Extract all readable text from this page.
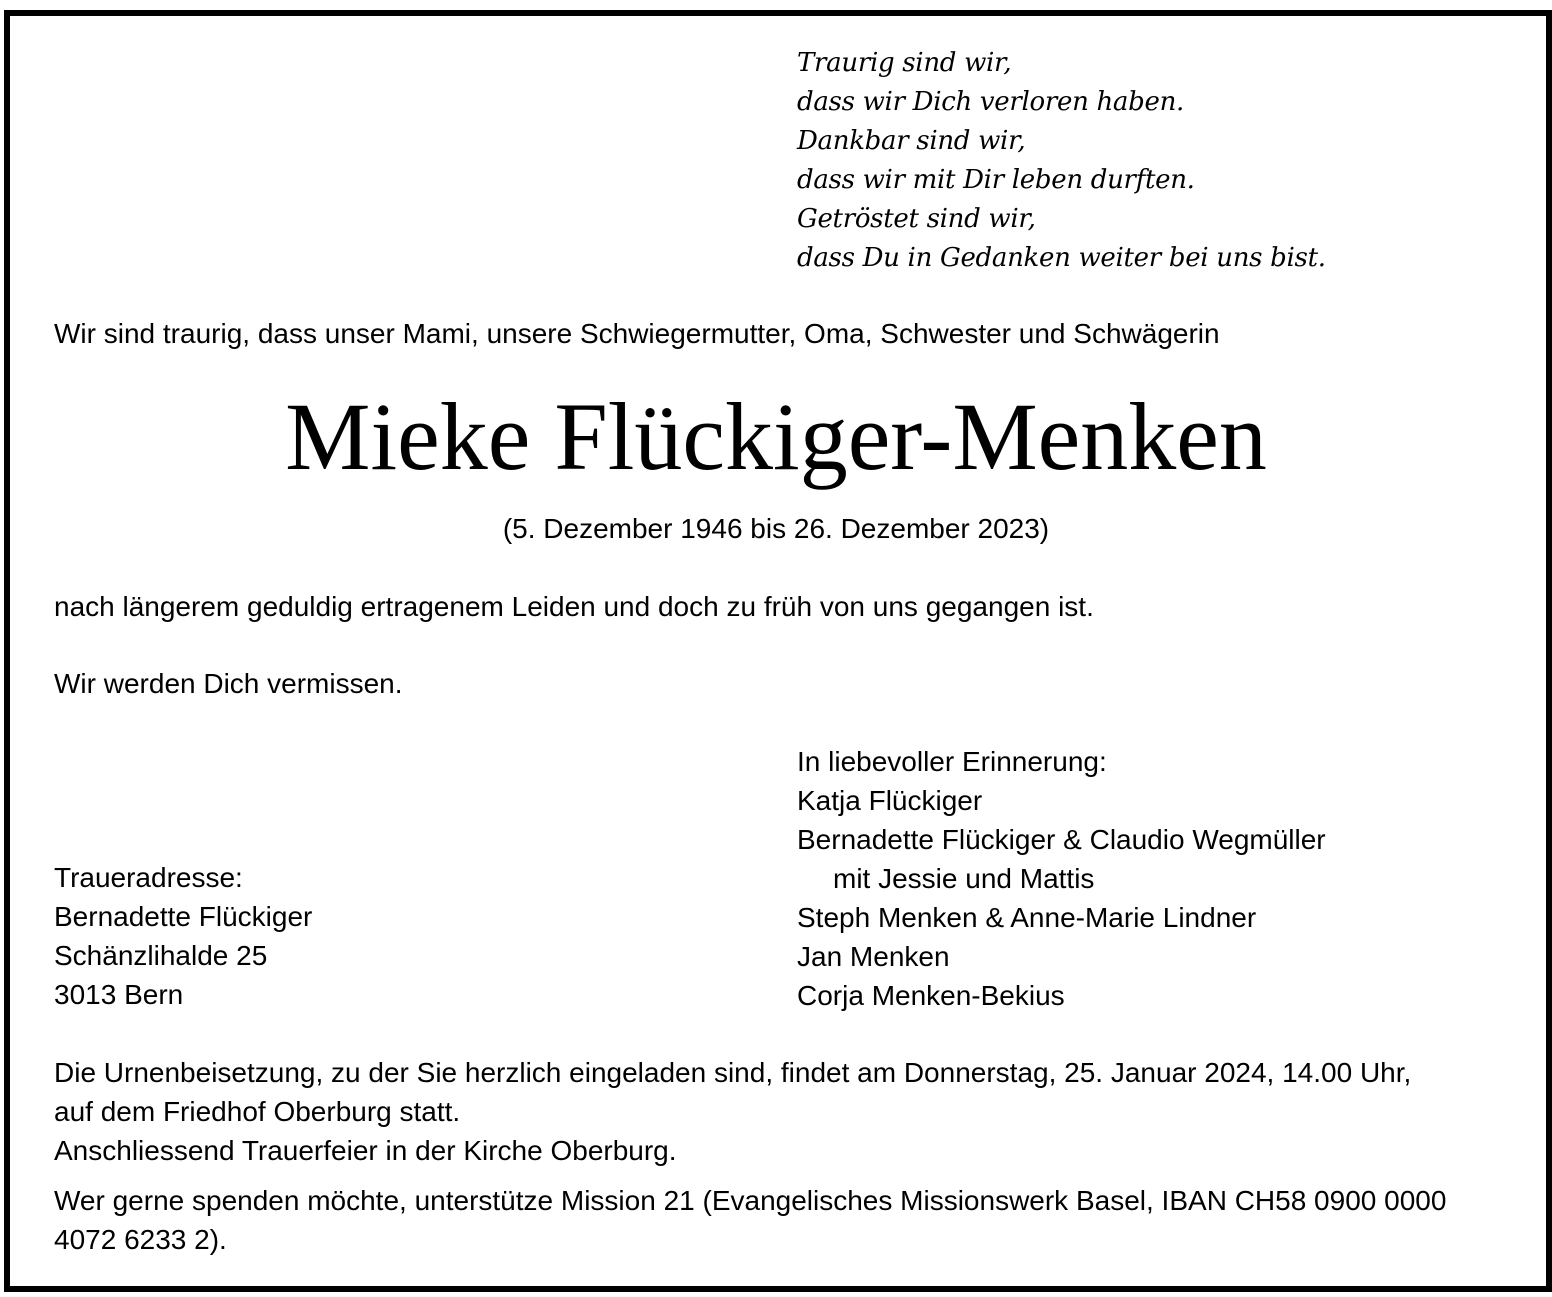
Traurig sind wir,
dass wir Dich verloren haben.
Dankbar sind wir,
dass wir mit Dir leben durften.
Getröstet sind wir,
dass Du in Gedanken weiter bei uns bist.
Wir sind traurig, dass unser Mami, unsere Schwiegermutter, Oma, Schwester und Schwägerin
Mieke Flückiger-Menken
(5. Dezember 1946 bis 26. Dezember 2023)
nach längerem geduldig ertragenem Leiden und doch zu früh von uns gegangen ist.
Wir werden Dich vermissen.
In liebevoller Erinnerung:
Katja Flückiger
Bernadette Flückiger & Claudio Wegmüller
mit Jessie und Mattis
Steph Menken & Anne-Marie Lindner
Jan Menken
Corja Menken-Bekius
Traueradresse:
Bernadette Flückiger
Schänzlihalde 25
3013 Bern
Die Urnenbeisetzung, zu der Sie herzlich eingeladen sind, findet am Donnerstag, 25. Januar 2024, 14.00 Uhr,
auf dem Friedhof Oberburg statt.
Anschliessend Trauerfeier in der Kirche Oberburg.
Wer gerne spenden möchte, unterstütze Mission 21 (Evangelisches Missionswerk Basel, IBAN CH58 0900 0000
4072 6233 2).
